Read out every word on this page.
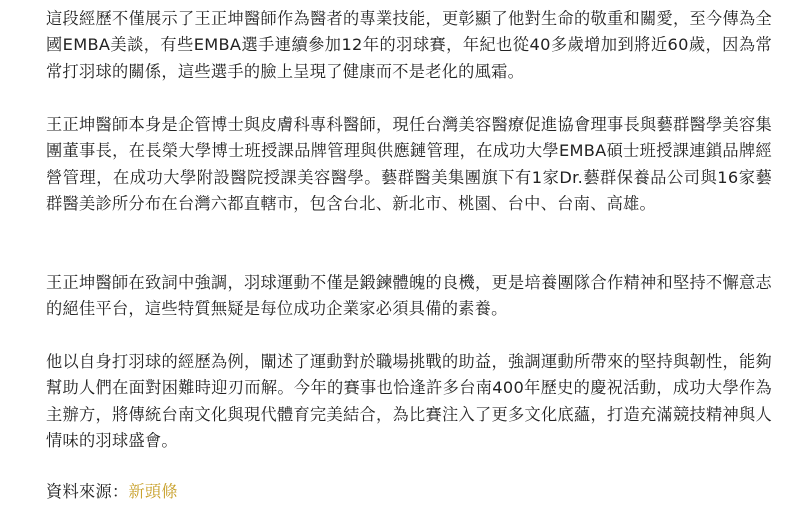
這段經歷不僅展示了王正坤醫師作為醫者的專業技能，更彰顯了他對生命的敬重和關愛，至今傳為全國EMBA美談，有些EMBA選手連續參加12年的羽球賽，年紀也從40多歲增加到將近60歲，因為常常打羽球的關係，這些選手的臉上呈現了健康而不是老化的風霜。

王正坤醫師本身是企管博士與皮膚科專科醫師，現任台灣美容醫療促進協會理事長與藝群醫學美容集團董事長，在長榮大學博士班授課品牌管理與供應鏈管理，在成功大學EMBA碩士班授課連鎖品牌經營管理，在成功大學附設醫院授課美容醫學。藝群醫美集團旗下有1家Dr.藝群保養品公司與16家藝群醫美診所分布在台灣六都直轄市，包含台北、新北市、桃園、台中、台南、高雄。

王正坤醫師在致詞中強調，羽球運動不僅是鍛鍊體魄的良機，更是培養團隊合作精神和堅持不懈意志的絕佳平台，這些特質無疑是每位成功企業家必須具備的素養。

他以自身打羽球的經歷為例，闡述了運動對於職場挑戰的助益，強調運動所帶來的堅持與韌性，能夠幫助人們在面對困難時迎刃而解。今年的賽事也恰逢許多台南400年歷史的慶祝活動，成功大學作為主辦方，將傳統台南文化與現代體育完美結合，為比賽注入了更多文化底蘊，打造充滿競技精神與人情味的羽球盛會。

資料來源：新頭條
